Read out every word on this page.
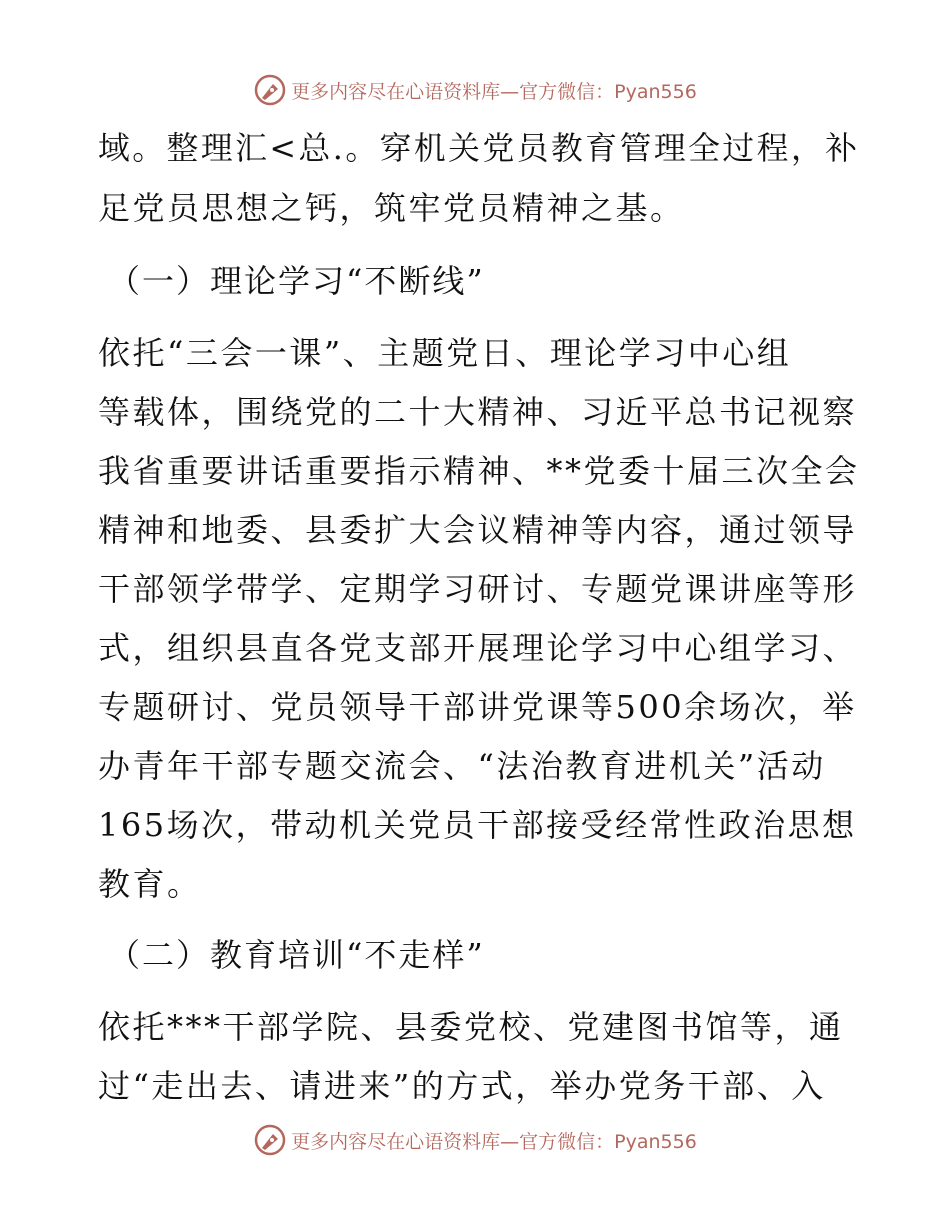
更多内容尽在心语资料库—官方微信：Pyan556
域。整理汇<总.。穿机关党员教育管理全过程，补
足党员思想之钙，筑牢党员精神之基。
（一）理论学习“不断线”
依托“三会一课”、主题党日、理论学习中心组
等载体，围绕党的二十大精神、习近平总书记视察
我省重要讲话重要指示精神、**党委十届三次全会
精神和地委、县委扩大会议精神等内容，通过领导
干部领学带学、定期学习研讨、专题党课讲座等形
式，组织县直各党支部开展理论学习中心组学习、
专题研讨、党员领导干部讲党课等500余场次，举
办青年干部专题交流会、“法治教育进机关”活动
165场次，带动机关党员干部接受经常性政治思想
教育。
（二）教育培训“不走样”
依托***干部学院、县委党校、党建图书馆等，通
过“走出去、请进来”的方式，举办党务干部、入
更多内容尽在心语资料库—官方微信：Pyan556
